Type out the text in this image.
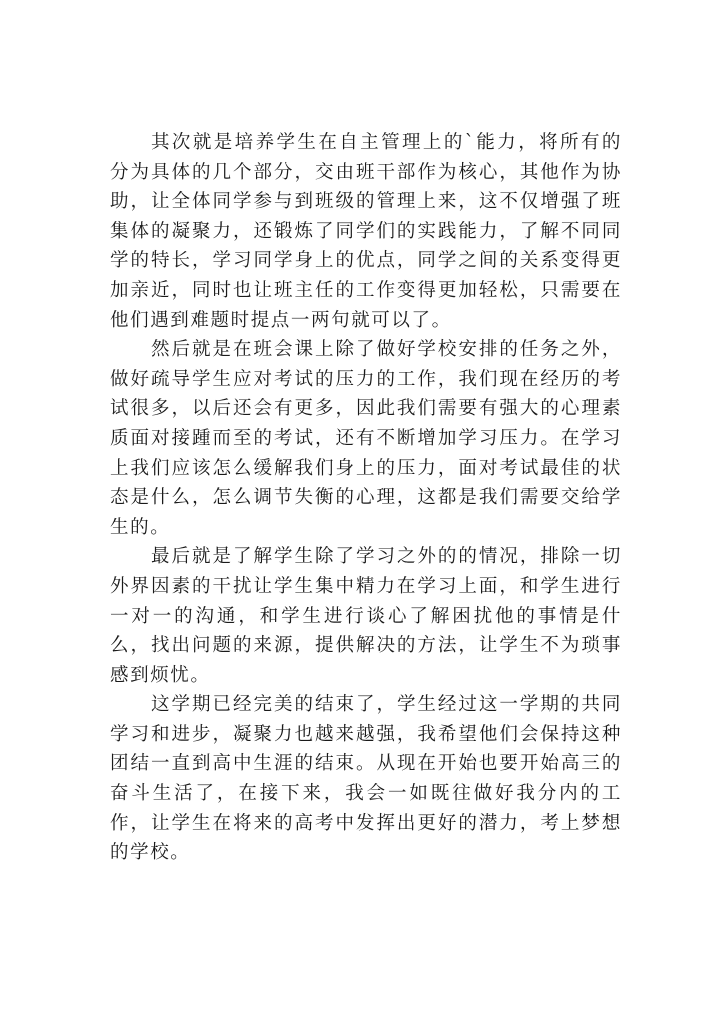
其次就是培养学生在自主管理上的`能力，将所有的分为具体的几个部分，交由班干部作为核心，其他作为协助，让全体同学参与到班级的管理上来，这不仅增强了班集体的凝聚力，还锻炼了同学们的实践能力，了解不同同学的特长，学习同学身上的优点，同学之间的关系变得更加亲近，同时也让班主任的工作变得更加轻松，只需要在他们遇到难题时提点一两句就可以了。

然后就是在班会课上除了做好学校安排的任务之外，做好疏导学生应对考试的压力的工作，我们现在经历的考试很多，以后还会有更多，因此我们需要有强大的心理素质面对接踵而至的考试，还有不断增加学习压力。在学习上我们应该怎么缓解我们身上的压力，面对考试最佳的状态是什么，怎么调节失衡的心理，这都是我们需要交给学生的。

最后就是了解学生除了学习之外的的情况，排除一切外界因素的干扰让学生集中精力在学习上面，和学生进行一对一的沟通，和学生进行谈心了解困扰他的事情是什么，找出问题的来源，提供解决的方法，让学生不为琐事感到烦忧。

这学期已经完美的结束了，学生经过这一学期的共同学习和进步，凝聚力也越来越强，我希望他们会保持这种团结一直到高中生涯的结束。从现在开始也要开始高三的奋斗生活了，在接下来，我会一如既往做好我分内的工作，让学生在将来的高考中发挥出更好的潜力，考上梦想的学校。
